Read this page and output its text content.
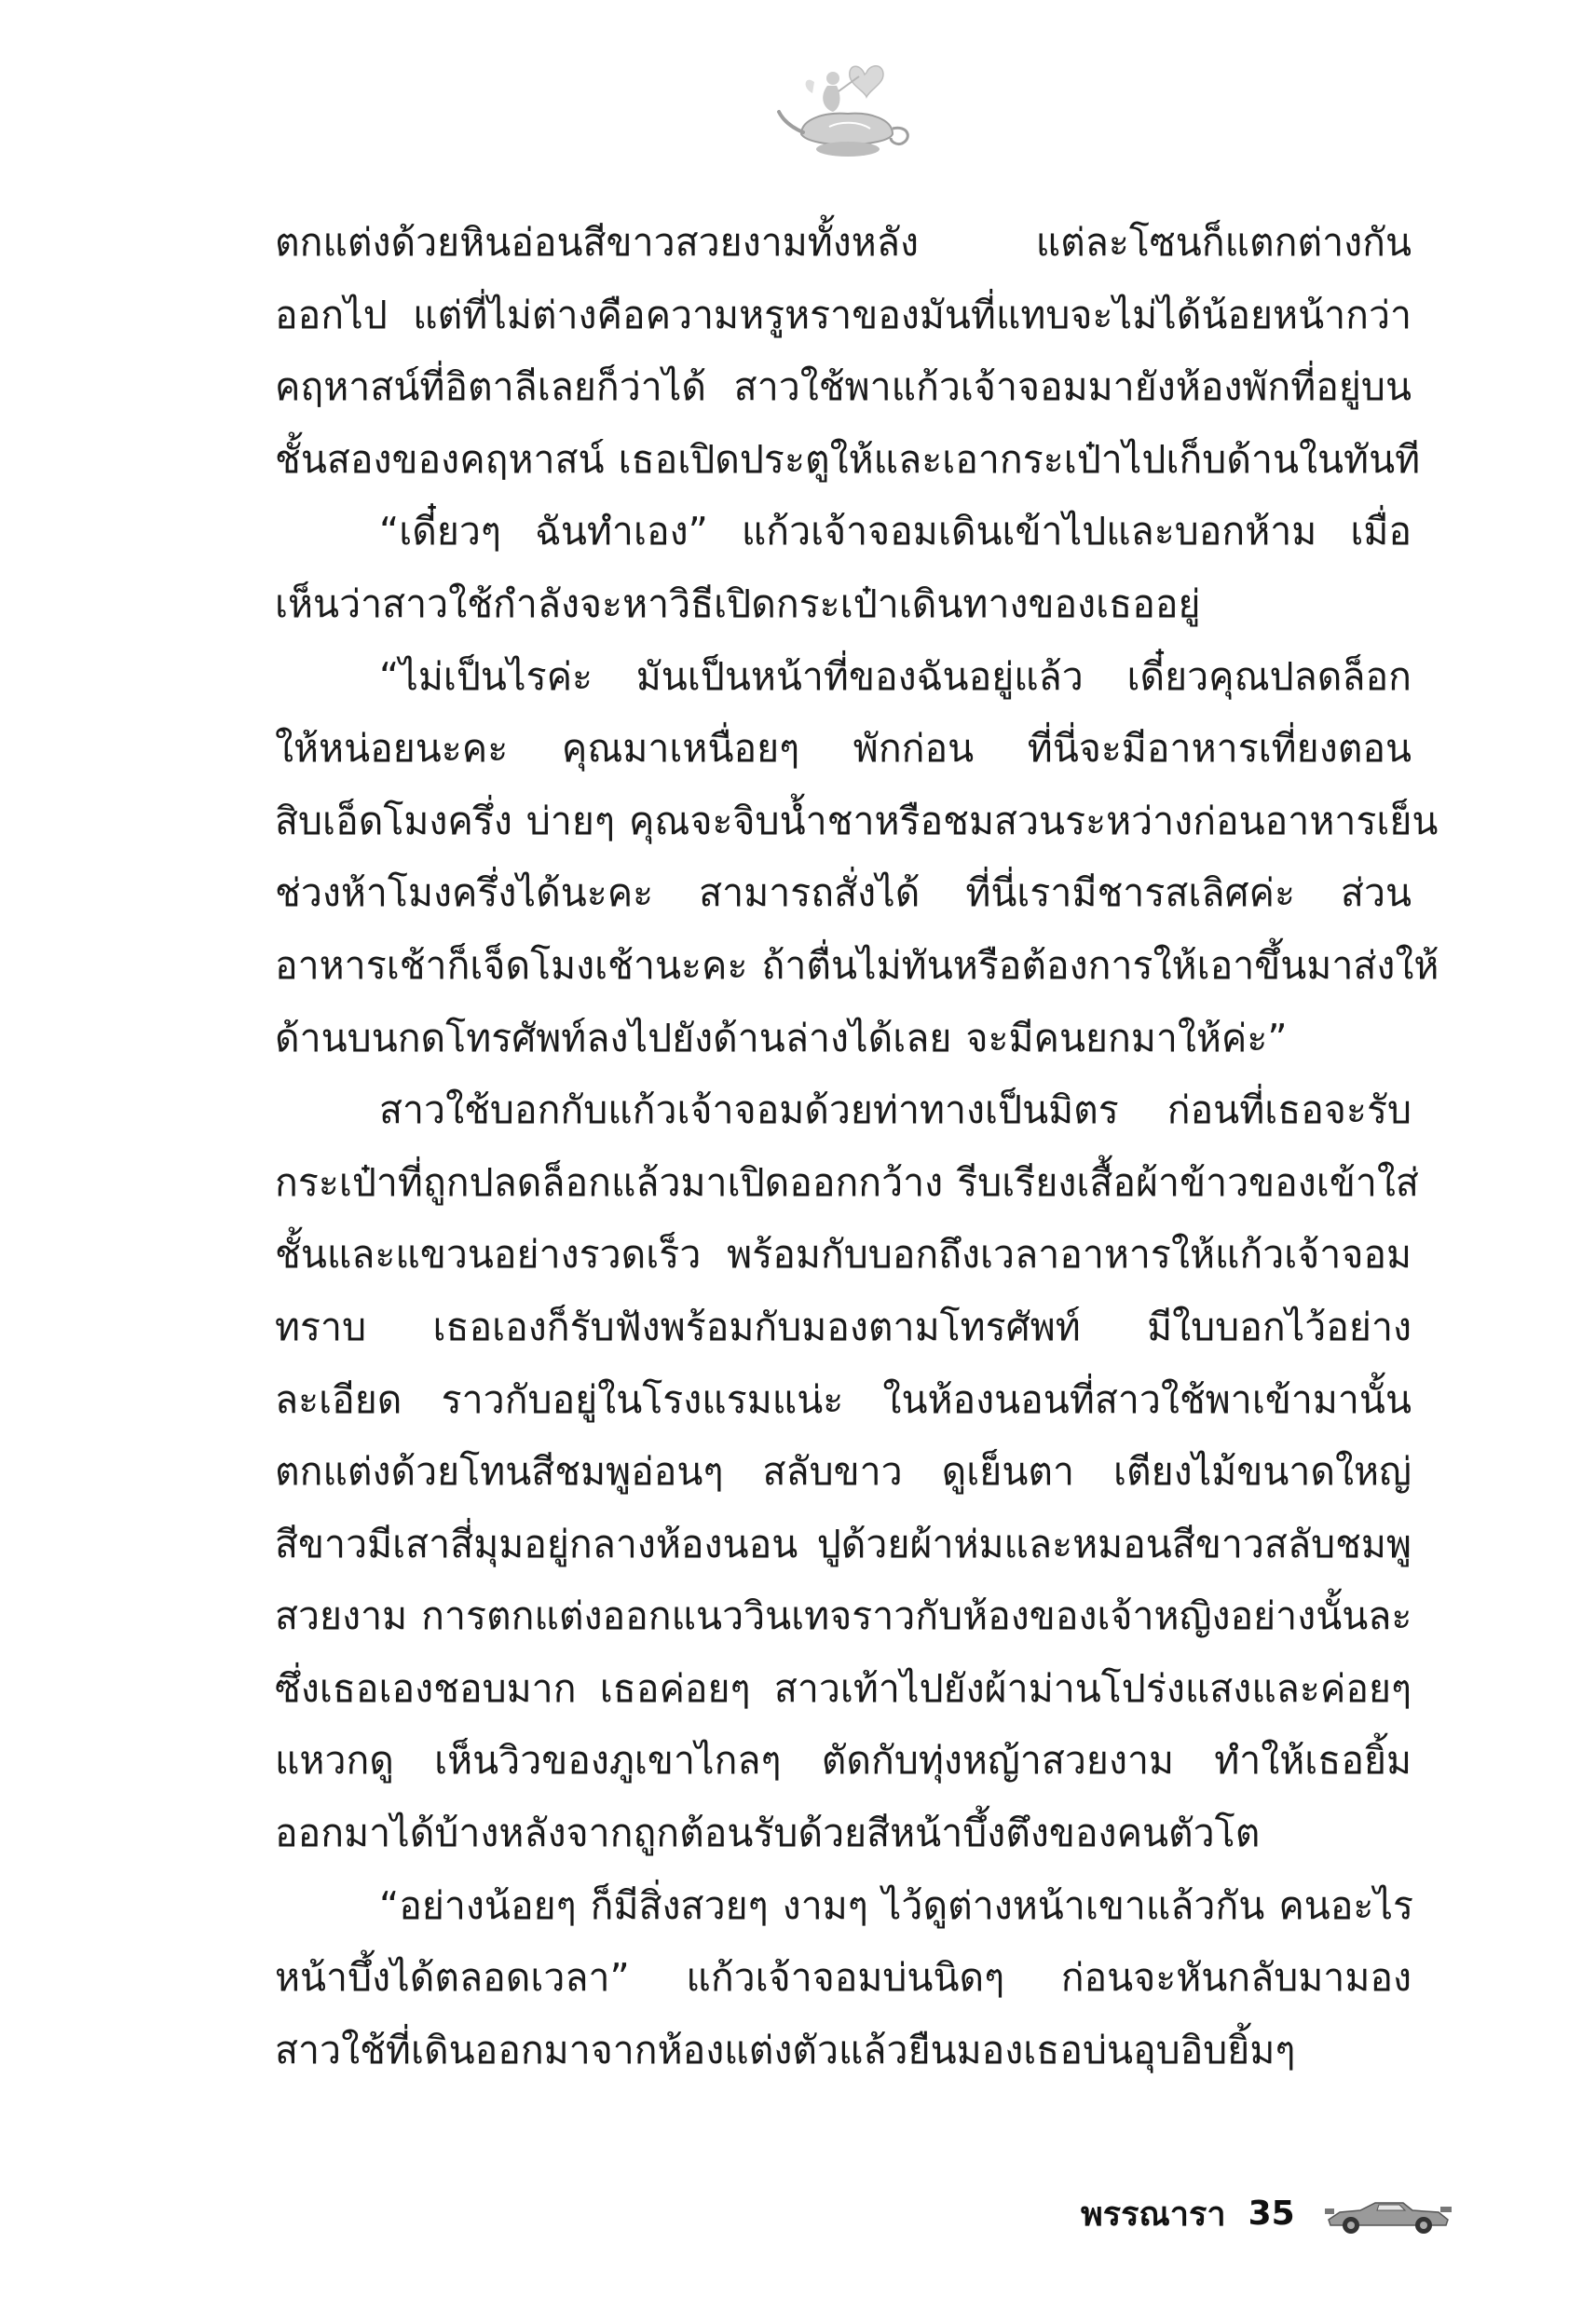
ตกแต่งด้วยหินอ่อนสีขาวสวยงามทั้งหลัง แต่ละโซนก็แตกต่างกัน
ออกไป แต่ที่ไม่ต่างคือความหรูหราของมันที่แทบจะไม่ได้น้อยหน้ากว่า
คฤหาสน์ที่อิตาลีเลยก็ว่าได้ สาวใช้พาแก้วเจ้าจอมมายังห้องพักที่อยู่บน
ชั้นสองของคฤหาสน์ เธอเปิดประตูให้และเอากระเป๋าไปเก็บด้านในทันที
“เดี๋ยวๆ ฉันทำเอง” แก้วเจ้าจอมเดินเข้าไปและบอกห้าม เมื่อ
เห็นว่าสาวใช้กำลังจะหาวิธีเปิดกระเป๋าเดินทางของเธออยู่
“ไม่เป็นไรค่ะ มันเป็นหน้าที่ของฉันอยู่แล้ว เดี๋ยวคุณปลดล็อก
ให้หน่อยนะคะ คุณมาเหนื่อยๆ พักก่อน ที่นี่จะมีอาหารเที่ยงตอน
สิบเอ็ดโมงครึ่ง บ่ายๆ คุณจะจิบน้ำชาหรือชมสวนระหว่างก่อนอาหารเย็น
ช่วงห้าโมงครึ่งได้นะคะ สามารถสั่งได้ ที่นี่เรามีชารสเลิศค่ะ ส่วน
อาหารเช้าก็เจ็ดโมงเช้านะคะ ถ้าตื่นไม่ทันหรือต้องการให้เอาขึ้นมาส่งให้
ด้านบนกดโทรศัพท์ลงไปยังด้านล่างได้เลย จะมีคนยกมาให้ค่ะ”
สาวใช้บอกกับแก้วเจ้าจอมด้วยท่าทางเป็นมิตร ก่อนที่เธอจะรับ
กระเป๋าที่ถูกปลดล็อกแล้วมาเปิดออกกว้าง รีบเรียงเสื้อผ้าข้าวของเข้าใส่
ชั้นและแขวนอย่างรวดเร็ว พร้อมกับบอกถึงเวลาอาหารให้แก้วเจ้าจอม
ทราบ เธอเองก็รับฟังพร้อมกับมองตามโทรศัพท์ มีใบบอกไว้อย่าง
ละเอียด ราวกับอยู่ในโรงแรมแน่ะ ในห้องนอนที่สาวใช้พาเข้ามานั้น
ตกแต่งด้วยโทนสีชมพูอ่อนๆ สลับขาว ดูเย็นตา เตียงไม้ขนาดใหญ่
สีขาวมีเสาสี่มุมอยู่กลางห้องนอน ปูด้วยผ้าห่มและหมอนสีขาวสลับชมพู
สวยงาม การตกแต่งออกแนววินเทจราวกับห้องของเจ้าหญิงอย่างนั้นละ
ซึ่งเธอเองชอบมาก เธอค่อยๆ สาวเท้าไปยังผ้าม่านโปร่งแสงและค่อยๆ
แหวกดู เห็นวิวของภูเขาไกลๆ ตัดกับทุ่งหญ้าสวยงาม ทำให้เธอยิ้ม
ออกมาได้บ้างหลังจากถูกต้อนรับด้วยสีหน้าบึ้งตึงของคนตัวโต
“อย่างน้อยๆ ก็มีสิ่งสวยๆ งามๆ ไว้ดูต่างหน้าเขาแล้วกัน คนอะไร
หน้าบึ้งได้ตลอดเวลา” แก้วเจ้าจอมบ่นนิดๆ ก่อนจะหันกลับมามอง
สาวใช้ที่เดินออกมาจากห้องแต่งตัวแล้วยืนมองเธอบ่นอุบอิบยิ้มๆ
พรรณารา 35
